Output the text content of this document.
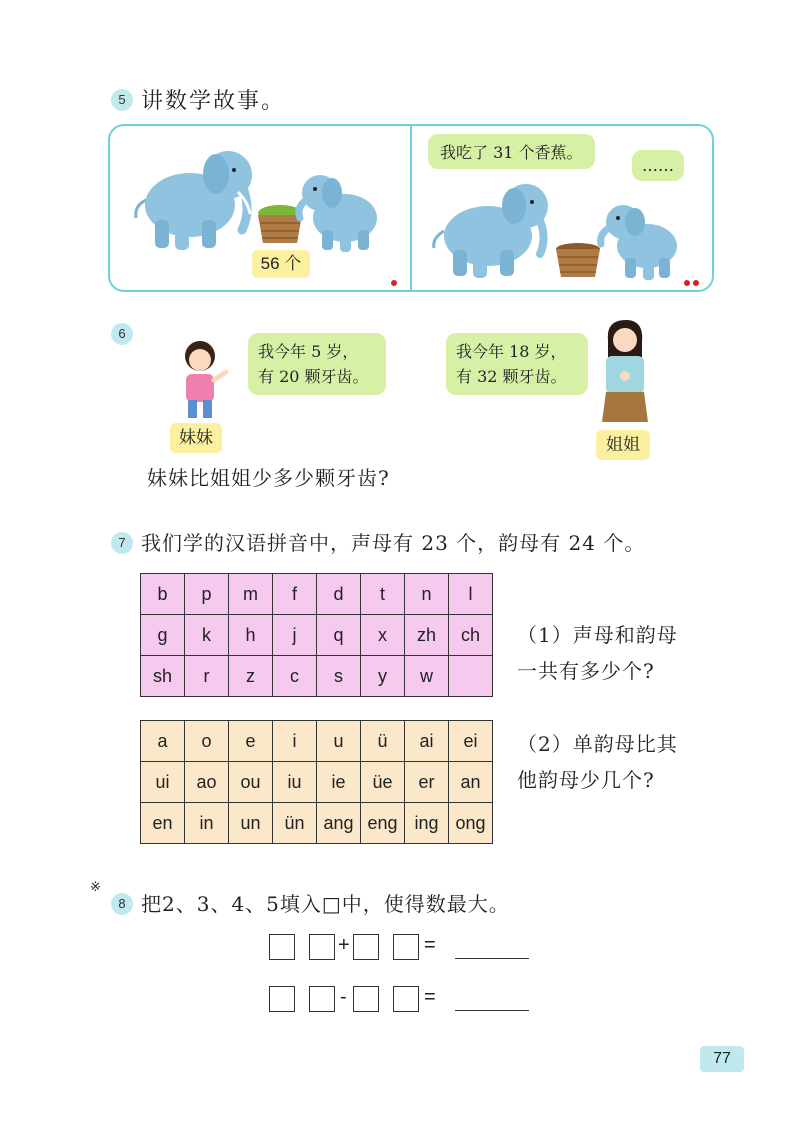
5 讲数学故事。
56 个
我吃了 31 个香蕉。
……
6
我今年 5 岁，
有 20 颗牙齿。
妹妹
我今年 18 岁，
有 32 颗牙齿。
姐姐
妹妹比姐姐少多少颗牙齿?
7 我们学的汉语拼音中，声母有 23 个，韵母有 24 个。
b	p	m	f	d	t	n	l
g	k	h	j	q	x	zh	ch
sh	r	z	c	s	y	w	
（1）声母和韵母
一共有多少个?
a	o	e	i	u	ü	ai	ei
ui	ao	ou	iu	ie	üe	er	an
en	in	un	ün	ang	eng	ing	ong
（2）单韵母比其
他韵母少几个?
※
8 把2、3、4、5填入□中，使得数最大。
+	=
-	=
77
